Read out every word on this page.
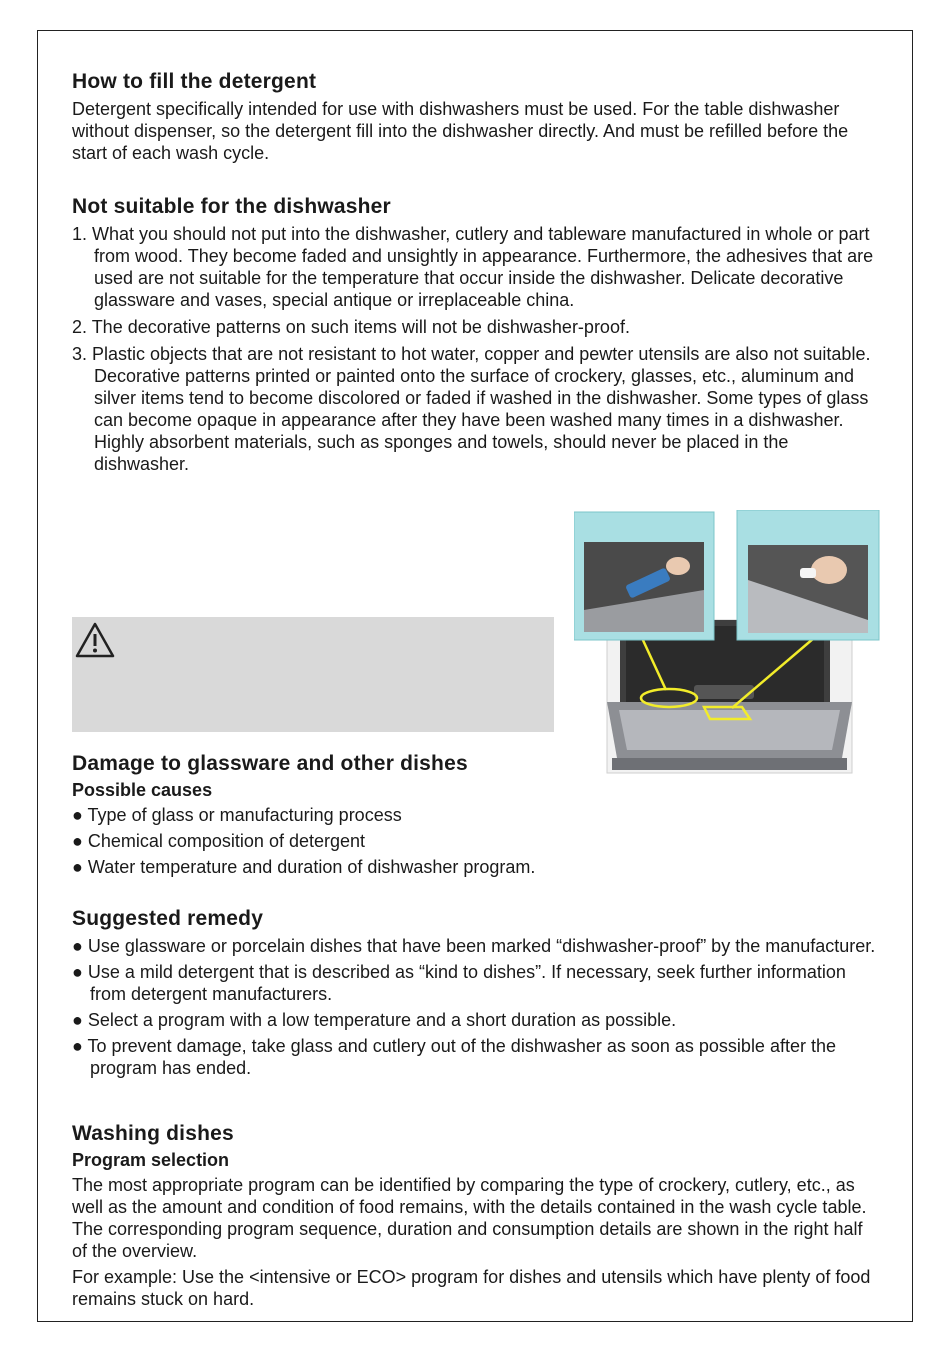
How to fill the detergent

Detergent specifically intended for use with dishwashers must be used. For the table dishwasher without dispenser, so the detergent fill into the dishwasher directly. And must be refilled before the start of each wash cycle.

Not suitable for the dishwasher
1. What you should not put into the dishwasher, cutlery and tableware manufactured in whole or part from wood. They become faded and unsightly in appearance. Furthermore, the adhesives that are used are not suitable for the temperature that occur inside the dishwasher. Delicate decorative glassware and vases, special antique or irreplaceable china.
2. The decorative patterns on such items will not be dishwasher-proof.
3. Plastic objects that are not resistant to hot water, copper and pewter utensils are also not suitable. Decorative patterns printed or painted onto the surface of crockery, glasses, etc., aluminum and silver items tend to become discolored or faded if washed in the dishwasher. Some types of glass can become opaque in appearance after they have been washed many times in a dishwasher. Highly absorbent materials, such as sponges and towels, should never be placed in the dishwasher.
Damage to glassware and other dishes
Possible causes
● Type of glass or manufacturing process
● Chemical composition of detergent
● Water temperature and duration of dishwasher program.
Suggested remedy
● Use glassware or porcelain dishes that have been marked “dishwasher-proof” by the manufacturer.
● Use a mild detergent that is described as “kind to dishes”. If necessary, seek further information from detergent manufacturers.
● Select a program with a low temperature and a short duration as possible.
● To prevent damage, take glass and cutlery out of the dishwasher as soon as possible after the program has ended.
Washing dishes
Program selection

The most appropriate program can be identified by comparing the type of crockery, cutlery, etc., as well as the amount and condition of food remains, with the details contained in the wash cycle table. The corresponding program sequence, duration and consumption details are shown in the right half of the overview.

For example: Use the <intensive or ECO> program for dishes and utensils which have plenty of food remains stuck on hard.
